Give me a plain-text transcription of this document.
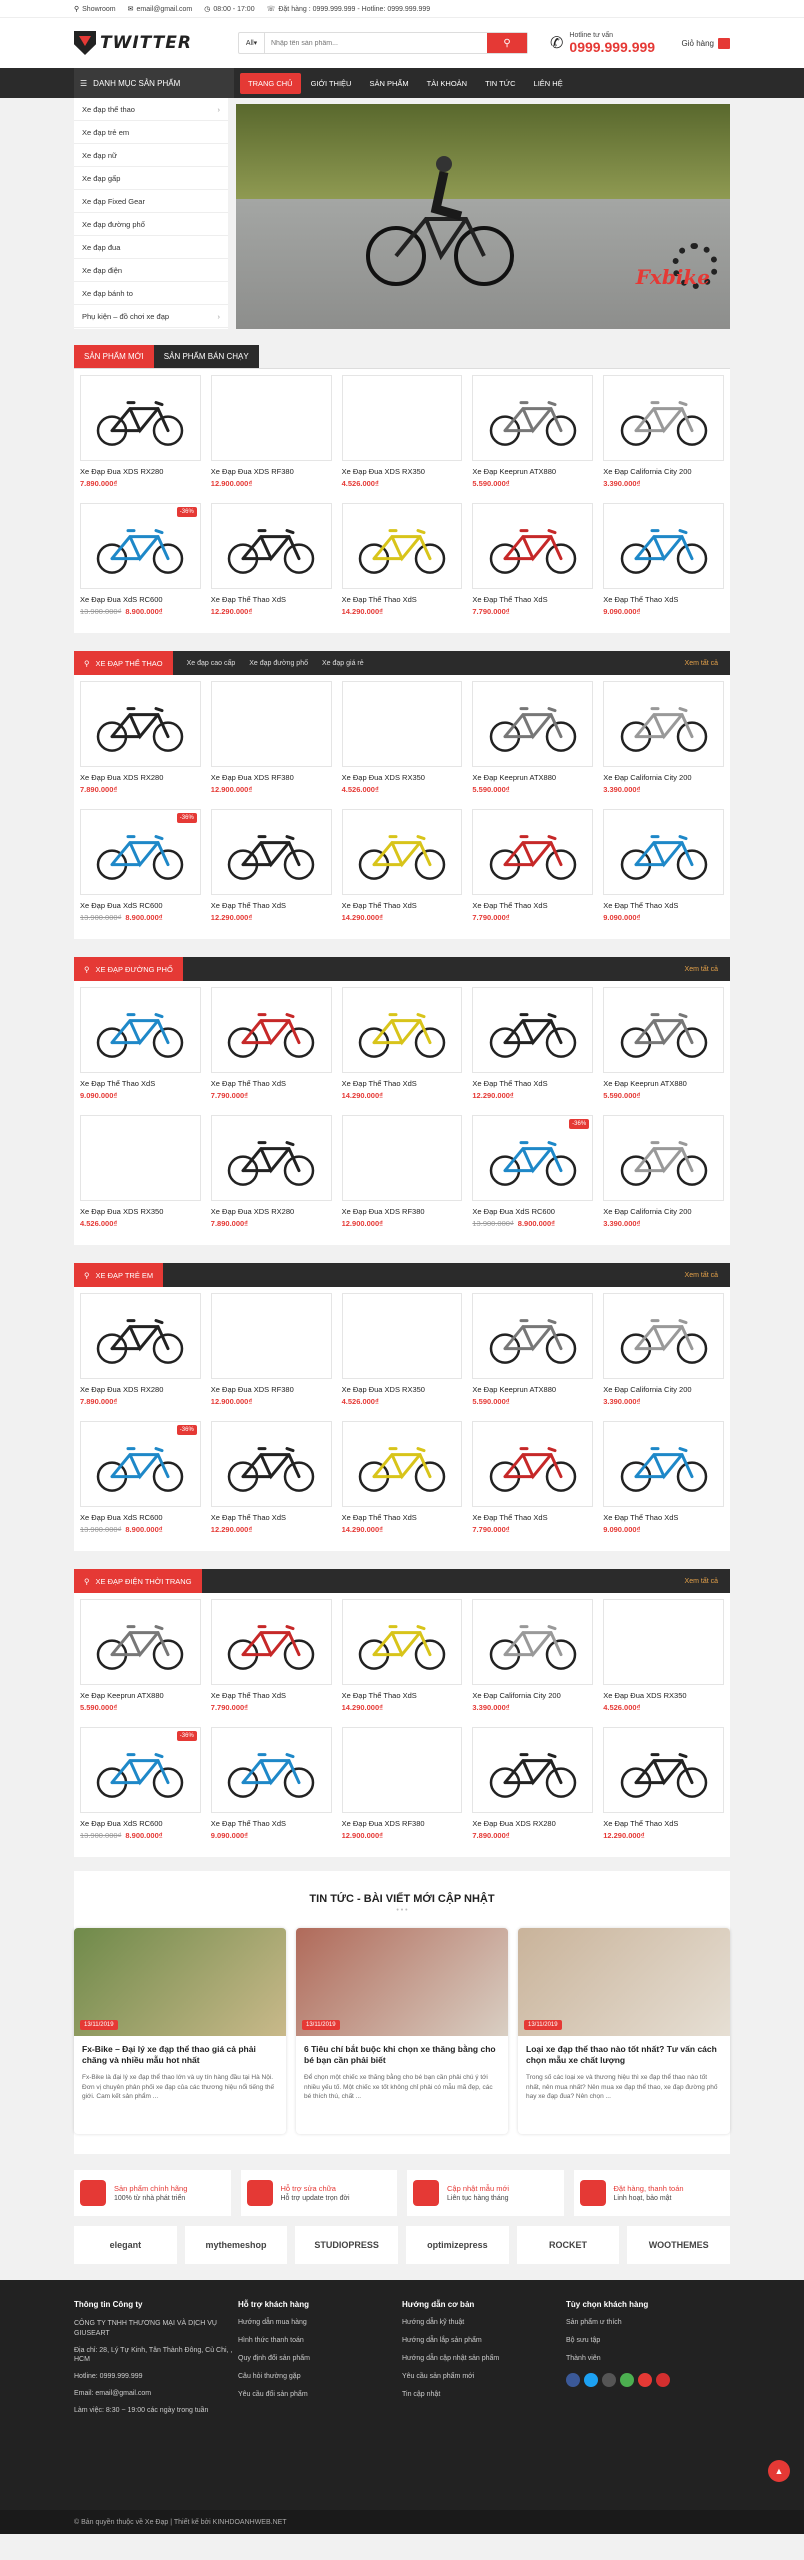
⚲ Showroom ✉ email@gmail.com ◷ 08:00 - 17:00 ☏ Đặt hàng : 0999.999.999 - Hotline: 0999.999.999
TWITTER	All ▾
Nhập tên sản phẩm...	⚲ ✆ Hotline tư vấn
0999.999.999	Giỏ hàng
☰ DANH MỤC SẢN PHẨM	TRANG CHỦ	GIỚI THIỆU	SẢN PHẨM	TÀI KHOẢN	TIN TỨC	LIÊN HỆ
Xe đạp thể thao	›
Xe đạp trẻ em
Xe đạp nữ
Xe đạp gấp
Xe đạp Fixed Gear
Xe đạp đường phố
Xe đạp đua
Xe đạp điện
Xe đạp bánh to
Phụ kiện – đồ chơi xe đạp	›
Fxbike
SẢN PHẨM MỚI	SẢN PHẨM BÁN CHẠY
Xe Đạp Đua XDS RX280
7.890.000₫
Xe Đạp Đua XDS RF380
12.900.000₫
Xe Đạp Đua XDS RX350
4.526.000₫
Xe Đạp Keeprun ATX880
5.590.000₫
Xe Đạp California City 200
3.390.000₫
-36%
Xe Đạp Đua XdS RC600
13.900.000₫ 8.900.000₫
Xe Đạp Thể Thao XdS
12.290.000₫
Xe Đạp Thể Thao XdS
14.290.000₫
Xe Đạp Thể Thao XdS
7.790.000₫
Xe Đạp Thể Thao XdS
9.090.000₫
⚲ XE ĐẠP THỂ THAO	Xe đạp cao cấp Xe đạp đường phố Xe đạp giá rẻ	Xem tất cả
Xe Đạp Đua XDS RX280
7.890.000₫
Xe Đạp Đua XDS RF380
12.900.000₫
Xe Đạp Đua XDS RX350
4.526.000₫
Xe Đạp Keeprun ATX880
5.590.000₫
Xe Đạp California City 200
3.390.000₫
-36%
Xe Đạp Đua XdS RC600
13.900.000₫ 8.900.000₫
Xe Đạp Thể Thao XdS
12.290.000₫
Xe Đạp Thể Thao XdS
14.290.000₫
Xe Đạp Thể Thao XdS
7.790.000₫
Xe Đạp Thể Thao XdS
9.090.000₫
⚲ XE ĐẠP ĐƯỜNG PHỐ	Xem tất cả
Xe Đạp Thể Thao XdS
9.090.000₫
Xe Đạp Thể Thao XdS
7.790.000₫
Xe Đạp Thể Thao XdS
14.290.000₫
Xe Đạp Thể Thao XdS
12.290.000₫
Xe Đạp Keeprun ATX880
5.590.000₫
Xe Đạp Đua XDS RX350
4.526.000₫
Xe Đạp Đua XDS RX280
7.890.000₫
Xe Đạp Đua XDS RF380
12.900.000₫
-36%
Xe Đạp Đua XdS RC600
13.900.000₫ 8.900.000₫
Xe Đạp California City 200
3.390.000₫
⚲ XE ĐẠP TRẺ EM	Xem tất cả
Xe Đạp Đua XDS RX280
7.890.000₫
Xe Đạp Đua XDS RF380
12.900.000₫
Xe Đạp Đua XDS RX350
4.526.000₫
Xe Đạp Keeprun ATX880
5.590.000₫
Xe Đạp California City 200
3.390.000₫
-36%
Xe Đạp Đua XdS RC600
13.900.000₫ 8.900.000₫
Xe Đạp Thể Thao XdS
12.290.000₫
Xe Đạp Thể Thao XdS
14.290.000₫
Xe Đạp Thể Thao XdS
7.790.000₫
Xe Đạp Thể Thao XdS
9.090.000₫
⚲ XE ĐẠP ĐIỆN THỜI TRANG	Xem tất cả
Xe Đạp Keeprun ATX880
5.590.000₫
Xe Đạp Thể Thao XdS
7.790.000₫
Xe Đạp Thể Thao XdS
14.290.000₫
Xe Đạp California City 200
3.390.000₫
Xe Đạp Đua XDS RX350
4.526.000₫
-36%
Xe Đạp Đua XdS RC600
13.900.000₫ 8.900.000₫
Xe Đạp Thể Thao XdS
9.090.000₫
Xe Đạp Đua XDS RF380
12.900.000₫
Xe Đạp Đua XDS RX280
7.890.000₫
Xe Đạp Thể Thao XdS
12.290.000₫
TIN TỨC - BÀI VIẾT MỚI CẬP NHẬT
• • •
13/11/2019
Fx-Bike – Đại lý xe đạp thể thao giá cả phải chăng và nhiều mẫu hot nhất
Fx-Bike là đại lý xe đạp thể thao lớn và uy tín hàng đầu tại Hà Nội. Đơn vị chuyên phân phối xe đạp của các thương hiệu nổi tiếng thế giới. Cam kết sản phẩm ...
13/11/2019
6 Tiêu chí bắt buộc khi chọn xe thăng bằng cho bé bạn cần phải biết
Để chọn một chiếc xe thăng bằng cho bé bạn cần phải chú ý tới nhiều yếu tố. Một chiếc xe tốt không chỉ phải có mẫu mã đẹp, các bé thích thú, chất ...
13/11/2019
Loại xe đạp thể thao nào tốt nhất? Tư vấn cách chọn mẫu xe chất lượng
Trong số các loại xe và thương hiệu thì xe đạp thể thao nào tốt nhất, nên mua nhất? Nên mua xe đạp thể thao, xe đạp đường phố hay xe đạp đua? Nên chọn ...
Sản phẩm chính hãng
100% từ nhà phát triển
Hỗ trợ sửa chữa
Hỗ trợ update trọn đời
Cập nhật mẫu mới
Liên tục hàng tháng
Đặt hàng, thanh toán
Linh hoạt, bảo mật
elegant	mythemeshop	STUDIOPRESS	optimizepress	ROCKET	WOOTHEMES
Thông tin Công ty

CÔNG TY TNHH THƯƠNG MẠI VÀ DỊCH VỤ GIUSEART

Địa chỉ: 28, Lý Tự Kinh, Tân Thành Đông, Củ Chi, , HCM

Hotline: 0999.999.999

Email: email@gmail.com

Làm việc: 8:30 ~ 19:00 các ngày trong tuần

Hỗ trợ khách hàng
Hướng dẫn mua hàng
Hình thức thanh toán
Quy định đổi sản phẩm
Câu hỏi thường gặp
Yêu cầu đổi sản phẩm
Hướng dẫn cơ bản
Hướng dẫn kỹ thuật
Hướng dẫn lắp sản phẩm
Hướng dẫn cập nhật sản phẩm
Yêu cầu sản phẩm mới
Tin cập nhật
Tùy chọn khách hàng
Sản phẩm ư thích
Bộ sưu tập
Thành viên
▲
© Bản quyền thuộc về Xe Đạp | Thiết kế bởi KINHDOANHWEB.NET
